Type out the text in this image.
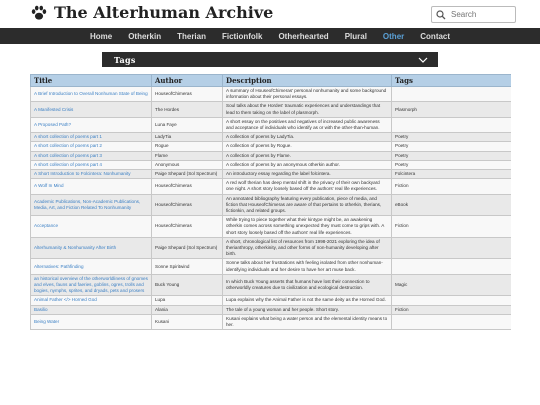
The Alterhuman Archive
Search
Home Otherkin Therian Fictionfolk Otherhearted Plural Other Contact
Tags
Title	Author	Description	Tags
A Brief Introduction to Overall Nonhuman State of Being	HouseofChimeras	A summary of HouseofChimeras' personal nonhumanity and some background information about their personal essays.	
A Manifested Crisis	The Hordes	Soul talks about the Hordes' traumatic experiences and understandings that lead to them taking on the label of plasmorph.	Plasmorph
A Proposed Path?	Luna Faye	A short essay on the positives and negatives of increased public awareness and acceptance of individuals who identify as or with the other-than-human.	
A short collection of poems part 1	LadyTia	A collection of poems by LadyTia.	Poetry
A short collection of poems part 2	Rogue	A collection of poems by Rogue.	Poetry
A short collection of poems part 3	Flame	A collection of poems by Flame.	Poetry
A short collection of poems part 4	Anonymous	A collection of poems by an anonymous otherkin author.	Poetry
A Short Introduction to Folcintera: Nonhumanity	Paige Shepard (Sol Spectrum)	An introductory essay regarding the label folcintera.	Folcintera
A Wolf In Mind	HouseofChimeras	A red wolf therian has deep mental shift in the privacy of their own backyard one night. A short story loosely based off the authors' real life experiences.	Fiction
Academic Publications, Non-Academic Publications, Media, Art, and Fiction Related To Nonhumanity	HouseofChimeras	An annotated bibliography featuring every publication, piece of media, and fiction that HouseofChimeras are aware of that pertains to otherkin, therians, fictionkin, and related groups.	eBook
Acceptance	HouseofChimeras	While trying to piece together what their kintype might be, an awakening otherkin comes across something unexpected they must come to grips with. A short story loosely based off the authors' real life experiences.	Fiction
Alterhumanity & Nonhumanity After Birth	Paige Shepard (Sol Spectrum)	A short, chronological list of resources from 1998-2021 exploring the idea of therianthropy, otherkinity, and other forms of non-humanity developing after birth.	
Alternatives: Pathfinding	Sonne Spiritwind	Sonne talks about her frustrations with feeling isolated from other nonhuman-identifying individuals and her desire to have her art muse back.	
an historical overview of the otherworldliness of gnomes and elves, fauns and faeries, goblins, ogres, trolls and bogies, nymphs, sprites, and dryads, pets and prosers	Buck Young	In which Buck Young asserts that humans have lost their connection to otherworldly creatures due to civilization and ecological destruction.	Magic
Animal Father </> Horned God	Lupa	Lupa explains why the Animal Father is not the same deity as the Horned God.	
Basilio	Alania	The tale of a young woman and her people. Short story.	Fiction
Being Water	Kusani	Kusani explains what being a water person and the elemental identity means to her.	
